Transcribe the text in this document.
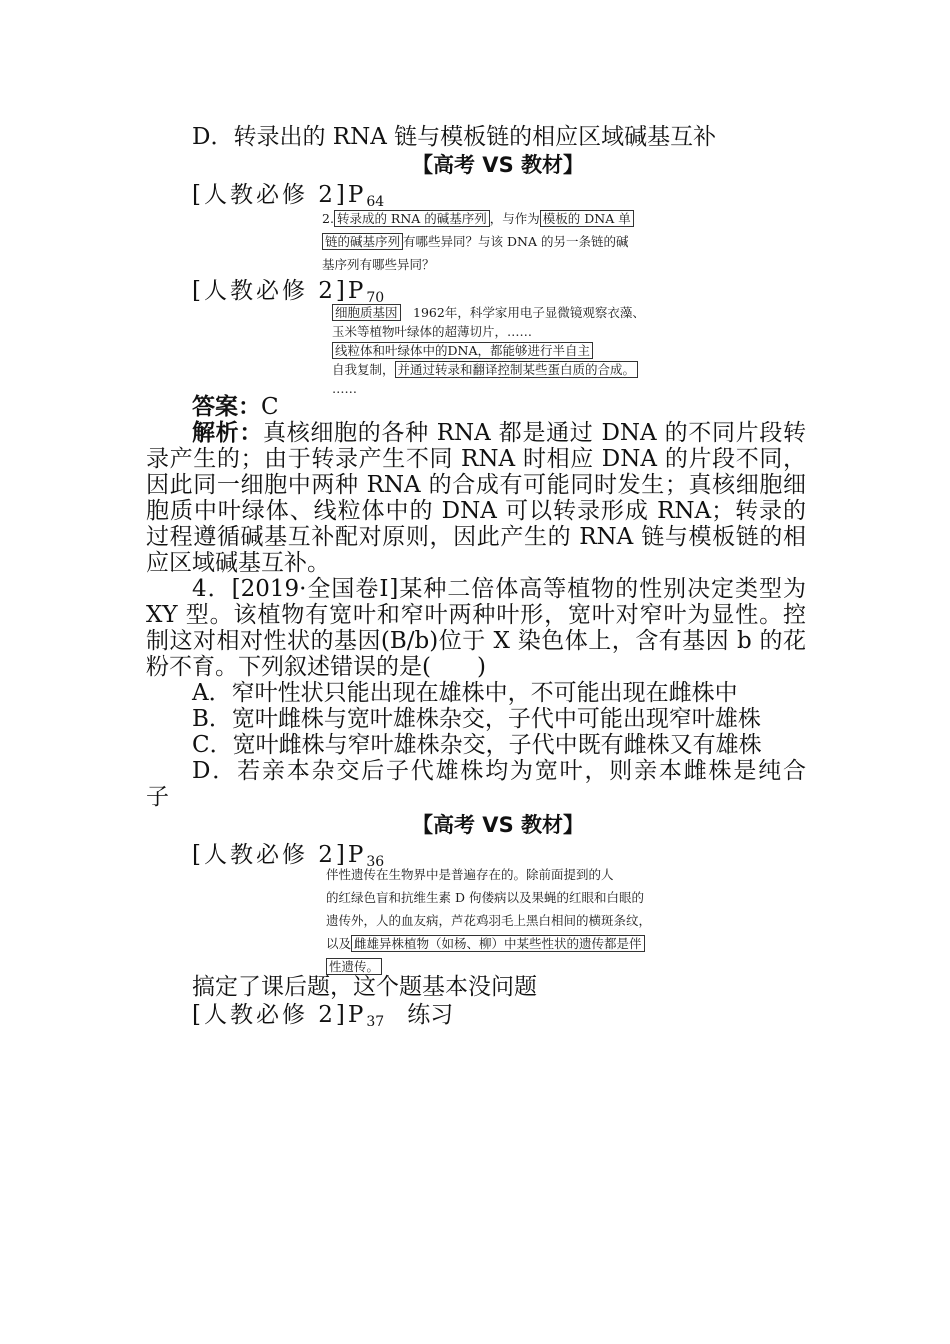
D．转录出的 RNA 链与模板链的相应区域碱基互补
【高考 VS 教材】
[人教必修 $2]P_{64}$
2. 转录成的 RNA 的碱基序列 ，与作为 模板的 DNA 单
链的碱基序列 有哪些异同？与该 DNA 的另一条链的碱
基序列有哪些异同？
[人教必修 $2]P_{70}$
细胞质基因　1962年，科学家用电子显微镜观察衣藻、
玉米等植物叶绿体的超薄切片，……
线粒体和叶绿体中的DNA，都能够进行半自主
自我复制， 并通过转录和翻译控制某些蛋白质的合成。
……
答案：C
解析：真核细胞的各种 RNA 都是通过 DNA 的不同片段转
录产生的；由于转录产生不同 RNA 时相应 DNA 的片段不同，
因此同一细胞中两种 RNA 的合成有可能同时发生；真核细胞细
胞质中叶绿体、线粒体中的 DNA 可以转录形成 RNA；转录的
过程遵循碱基互补配对原则，因此产生的 RNA 链与模板链的相
应区域碱基互补。
4．[2019·全国卷Ⅰ]某种二倍体高等植物的性别决定类型为
XY 型。该植物有宽叶和窄叶两种叶形，宽叶对窄叶为显性。控
制这对相对性状的基因(B/b)位于 X 染色体上，含有基因 b 的花
粉不育。下列叙述错误的是(　　)
A．窄叶性状只能出现在雄株中，不可能出现在雌株中
B．宽叶雌株与宽叶雄株杂交，子代中可能出现窄叶雄株
C．宽叶雌株与窄叶雄株杂交，子代中既有雌株又有雄株
D．若亲本杂交后子代雄株均为宽叶，则亲本雌株是纯合
子
【高考 VS 教材】
[人教必修 $2]P_{36}$
伴性遗传在生物界中是普遍存在的。除前面提到的人
的红绿色盲和抗维生素 D 佝偻病以及果蝇的红眼和白眼的
遗传外，人的血友病，芦花鸡羽毛上黑白相间的横斑条纹，
以及 雌雄异株植物（如杨、柳）中某些性状的遗传都是伴
性遗传。
搞定了课后题，这个题基本没问题
[人教必修 $2]P_{37}$　练习
